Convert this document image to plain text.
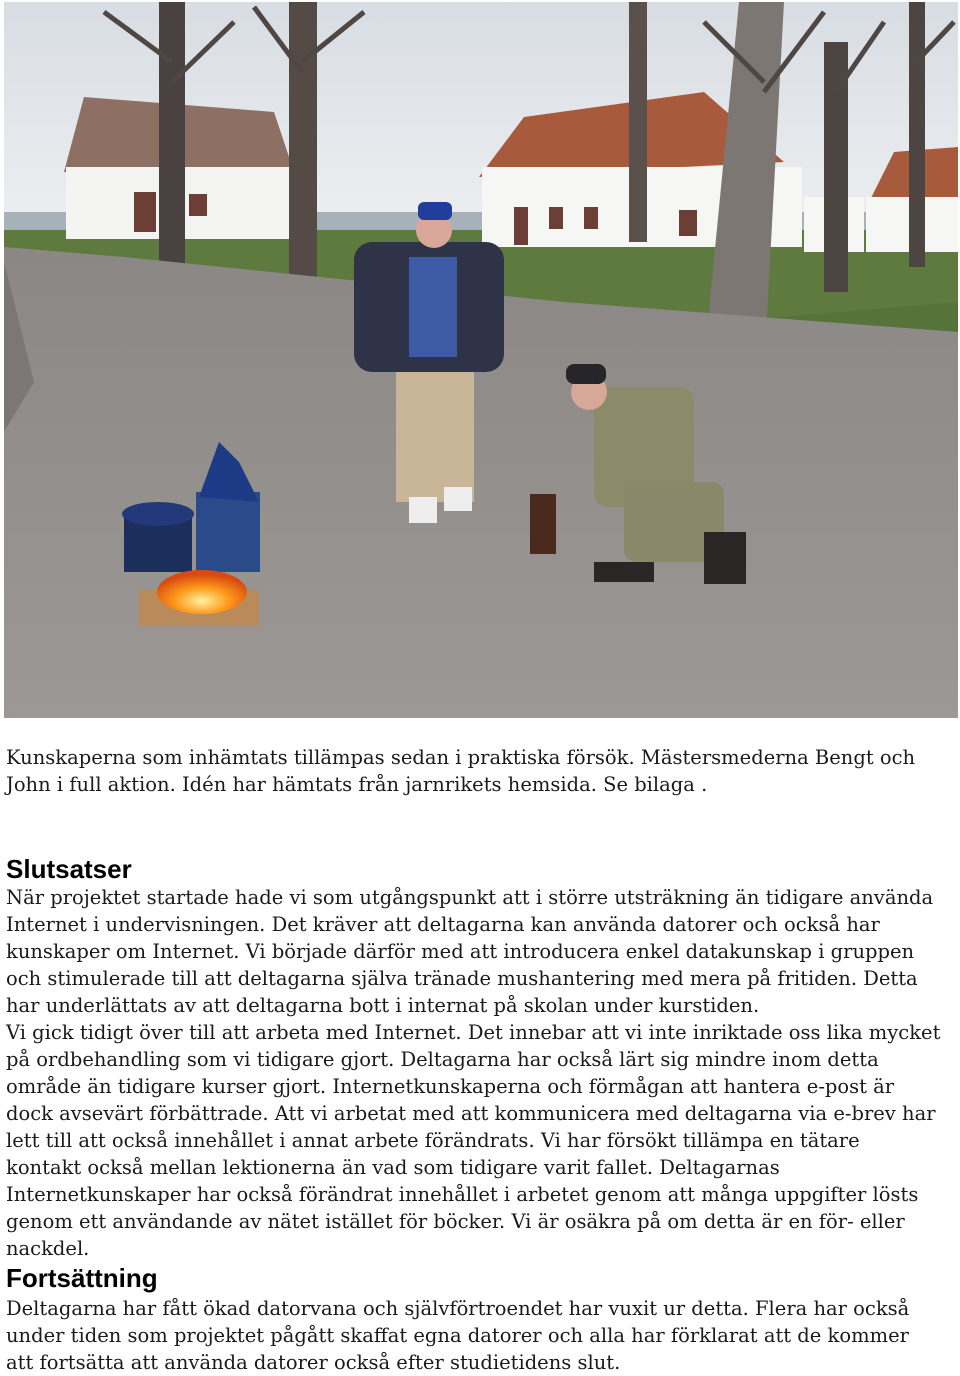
Kunskaperna som inhämtats tillämpas sedan i praktiska försök. Mästersmederna Bengt och John i full aktion. Idén har hämtats från jarnrikets hemsida. Se bilaga .
Slutsatser

När projektet startade hade vi som utgångspunkt att i större utsträkning än tidigare använda Internet i undervisningen. Det kräver att deltagarna kan använda datorer och också har kunskaper om Internet. Vi började därför med att introducera enkel datakunskap i gruppen och stimulerade till att deltagarna själva tränade mushantering med mera på fritiden. Detta har underlättats av att deltagarna bott i internat på skolan under kurstiden.

Vi gick tidigt över till att arbeta med Internet. Det innebar att vi inte inriktade oss lika mycket på ordbehandling som vi tidigare gjort. Deltagarna har också lärt sig mindre inom detta område än tidigare kurser gjort. Internetkunskaperna och förmågan att hantera e-post är dock avsevärt förbättrade. Att vi arbetat med att kommunicera med deltagarna via e-brev har lett till att också innehållet i annat arbete förändrats. Vi har försökt tillämpa en tätare kontakt också mellan lektionerna än vad som tidigare varit fallet. Deltagarnas Internetkunskaper har också förändrat innehållet i arbetet genom att många uppgifter lösts genom ett användande av nätet istället för böcker. Vi är osäkra på om detta är en för- eller nackdel.

Fortsättning

Deltagarna har fått ökad datorvana och självförtroendet har vuxit ur detta. Flera har också under tiden som projektet pågått skaffat egna datorer och alla har förklarat att de kommer att fortsätta att använda datorer också efter studietidens slut.
